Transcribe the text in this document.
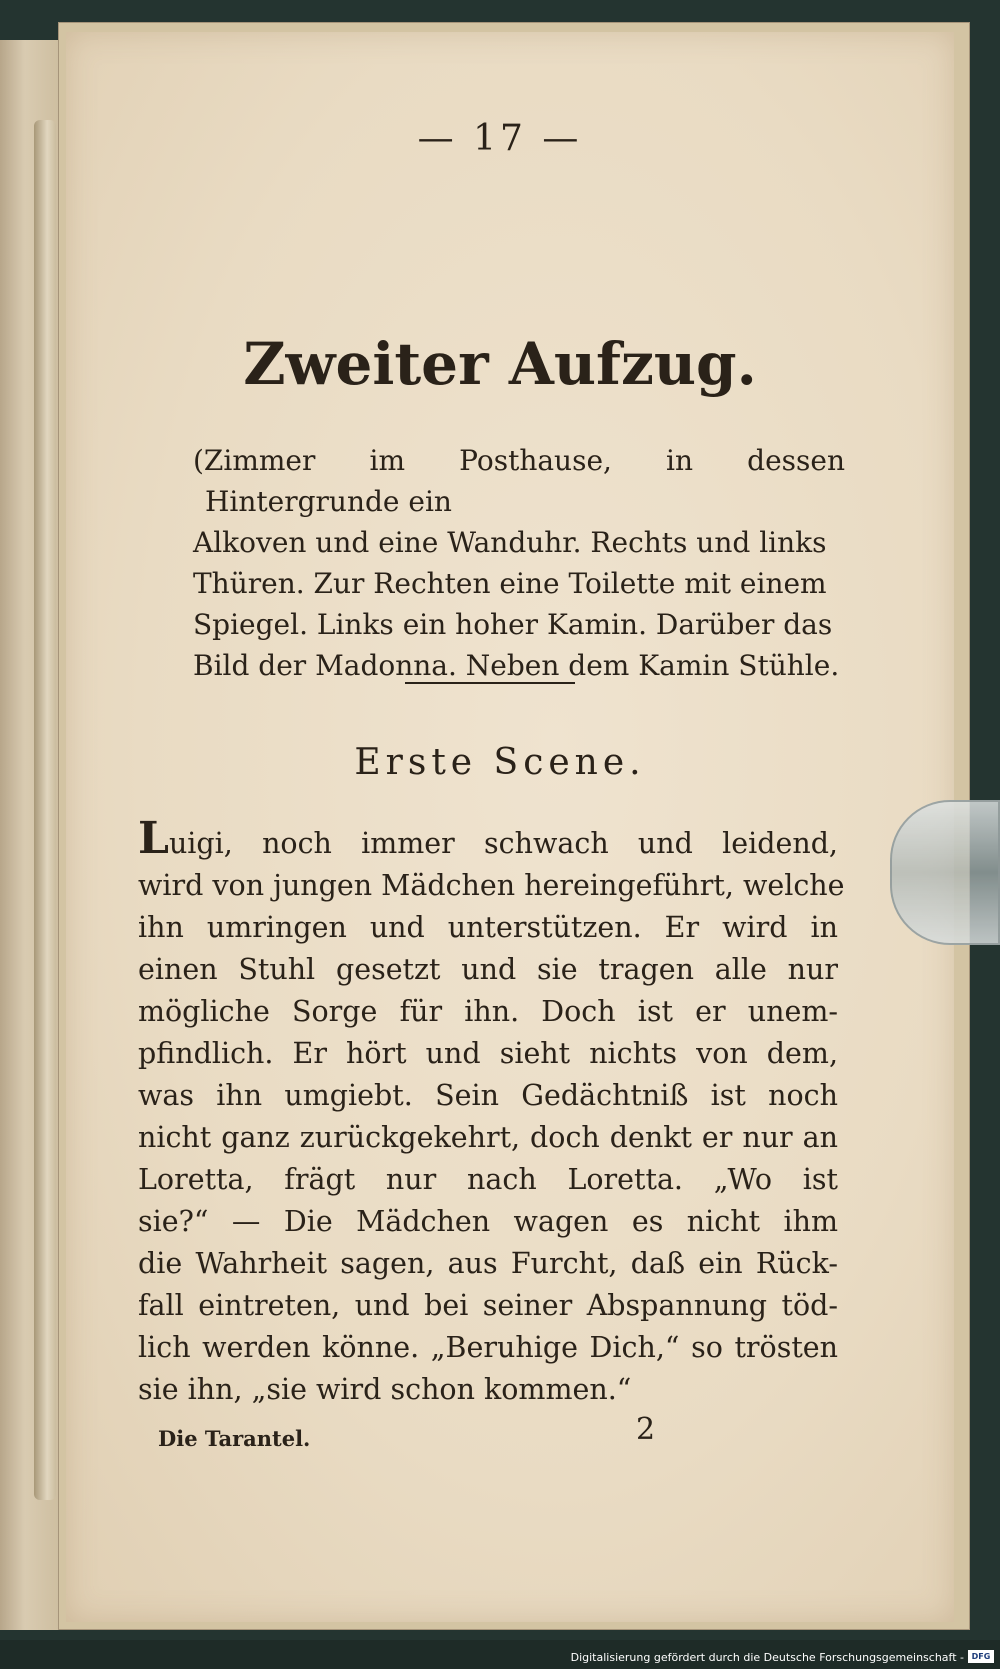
— 17 —
Zweiter Aufzug.
(Zimmer im Posthause, in dessen Hintergrunde ein
Alkoven und eine Wanduhr. Rechts und links
Thüren. Zur Rechten eine Toilette mit einem
Spiegel. Links ein hoher Kamin. Darüber das
Bild der Madonna. Neben dem Kamin Stühle.
Erste Scene.
Luigi, noch immer schwach und leidend,
wird von jungen Mädchen hereingeführt, welche
ihn umringen und unterstützen. Er wird in
einen Stuhl gesetzt und sie tragen alle nur
mögliche Sorge für ihn. Doch ist er unem-
pfindlich. Er hört und sieht nichts von dem,
was ihn umgiebt. Sein Gedächtniß ist noch
nicht ganz zurückgekehrt, doch denkt er nur an
Loretta, frägt nur nach Loretta. „Wo ist
sie?“ — Die Mädchen wagen es nicht ihm
die Wahrheit sagen, aus Furcht, daß ein Rück-
fall eintreten, und bei seiner Abspannung töd-
lich werden könne. „Beruhige Dich,“ so trösten
sie ihn, „sie wird schon kommen.“
Die Tarantel.	2
Digitalisierung gefördert durch die Deutsche Forschungsgemeinschaft - DFG
